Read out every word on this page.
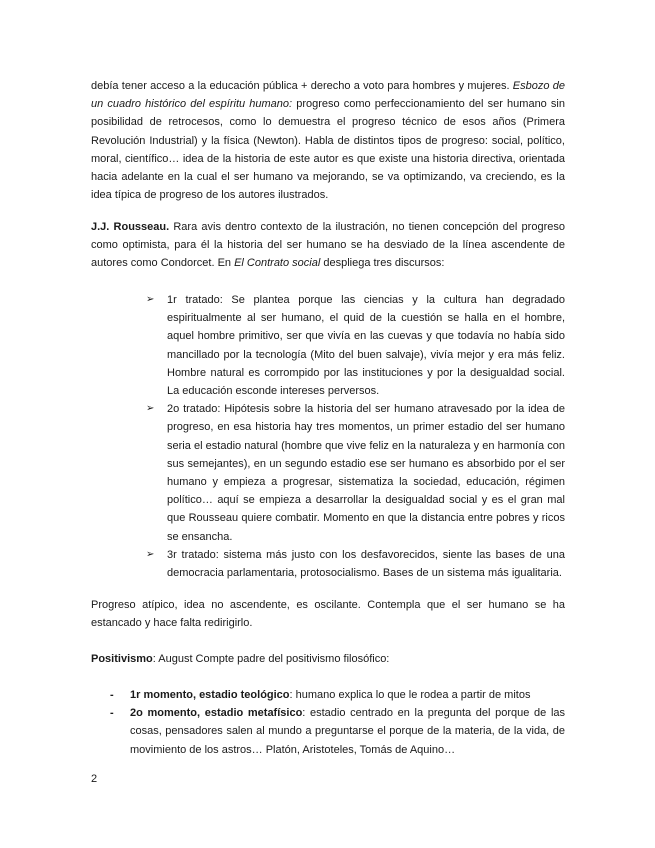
debía tener acceso a la educación pública + derecho a voto para hombres y mujeres. Esbozo de un cuadro histórico del espíritu humano: progreso como perfeccionamiento del ser humano sin posibilidad de retrocesos, como lo demuestra el progreso técnico de esos años (Primera Revolución Industrial) y la física (Newton). Habla de distintos tipos de progreso: social, político, moral, científico… idea de la historia de este autor es que existe una historia directiva, orientada hacia adelante en la cual el ser humano va mejorando, se va optimizando, va creciendo, es la idea típica de progreso de los autores ilustrados.

J.J. Rousseau. Rara avis dentro contexto de la ilustración, no tienen concepción del progreso como optimista, para él la historia del ser humano se ha desviado de la línea ascendente de autores como Condorcet. En El Contrato social despliega tres discursos:

➢ 1r tratado: Se plantea porque las ciencias y la cultura han degradado espiritualmente al ser humano, el quid de la cuestión se halla en el hombre, aquel hombre primitivo, ser que vivía en las cuevas y que todavía no había sido mancillado por la tecnología (Mito del buen salvaje), vivía mejor y era más feliz. Hombre natural es corrompido por las instituciones y por la desigualdad social. La educación esconde intereses perversos.
➢ 2o tratado: Hipótesis sobre la historia del ser humano atravesado por la idea de progreso, en esa historia hay tres momentos, un primer estadio del ser humano seria el estadio natural (hombre que vive feliz en la naturaleza y en harmonía con sus semejantes), en un segundo estadio ese ser humano es absorbido por el ser humano y empieza a progresar, sistematiza la sociedad, educación, régimen político… aquí se empieza a desarrollar la desigualdad social y es el gran mal que Rousseau quiere combatir. Momento en que la distancia entre pobres y ricos se ensancha.
➢ 3r tratado: sistema más justo con los desfavorecidos, siente las bases de una democracia parlamentaria, protosocialismo. Bases de un sistema más igualitaria.

Progreso atípico, idea no ascendente, es oscilante. Contempla que el ser humano se ha estancado y hace falta redirigirlo.

Positivismo: August Compte padre del positivismo filosófico:

- 1r momento, estadio teológico: humano explica lo que le rodea a partir de mitos
- 2o momento, estadio metafísico: estadio centrado en la pregunta del porque de las cosas, pensadores salen al mundo a preguntarse el porque de la materia, de la vida, de movimiento de los astros… Platón, Aristoteles, Tomás de Aquino…
2
